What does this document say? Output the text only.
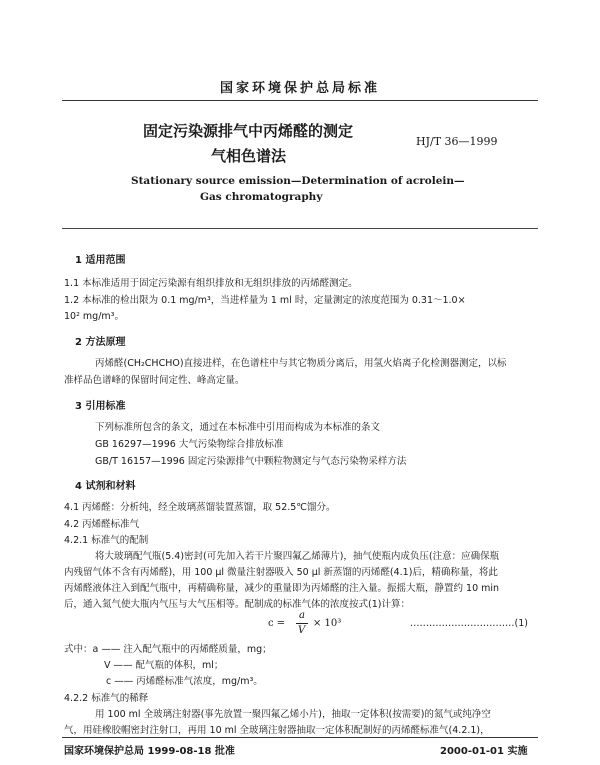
国家环境保护总局标准
固定污染源排气中丙烯醛的测定
气相色谱法
HJ/T 36—1999
Stationary source emission—Determination of acrolein—
Gas chromatography
1 适用范围
1.1 本标准适用于固定污染源有组织排放和无组织排放的丙烯醛测定。
1.2 本标准的检出限为 0.1 mg/m³，当进样量为 1 ml 时，定量测定的浓度范围为 0.31～1.0×
10² mg/m³。
2 方法原理
丙烯醛(CH₂CHCHO)直接进样，在色谱柱中与其它物质分离后，用氢火焰离子化检测器测定，以标
准样品色谱峰的保留时间定性、峰高定量。
3 引用标准
下列标准所包含的条文，通过在本标准中引用而构成为本标准的条文
GB 16297—1996 大气污染物综合排放标准
GB/T 16157—1996 固定污染源排气中颗粒物测定与气态污染物采样方法
4 试剂和材料
4.1 丙烯醛：分析纯，经全玻璃蒸馏装置蒸馏，取 52.5℃馏分。
4.2 丙烯醛标准气
4.2.1 标准气的配制
将大玻璃配气瓶(5.4)密封(可先加入若干片聚四氟乙烯薄片)，抽气使瓶内成负压(注意：应确保瓶
内残留气体不含有丙烯醛)，用 100 μl 微量注射器吸入 50 μl 新蒸馏的丙烯醛(4.1)后，精确称量，将此
丙烯醛液体注入到配气瓶中，再精确称量，减少的重量即为丙烯醛的注入量。振摇大瓶，静置约 10 min
后，通入氮气使大瓶内气压与大气压相等。配制成的标准气体的浓度按式(1)计算：
c =
a
V
× 10³	……………………………(1)
式中：a —— 注入配气瓶中的丙烯醛质量，mg；
V —— 配气瓶的体积，ml；
c —— 丙烯醛标准气浓度，mg/m³。
4.2.2 标准气的稀释
用 100 ml 全玻璃注射器(事先放置一聚四氟乙烯小片)，抽取一定体积(按需要)的氮气或纯净空
气，用硅橡胶帽密封注射口，再用 10 ml 全玻璃注射器抽取一定体积配制好的丙烯醛标准气(4.2.1)，
国家环境保护总局 1999-08-18 批准	2000-01-01 实施
